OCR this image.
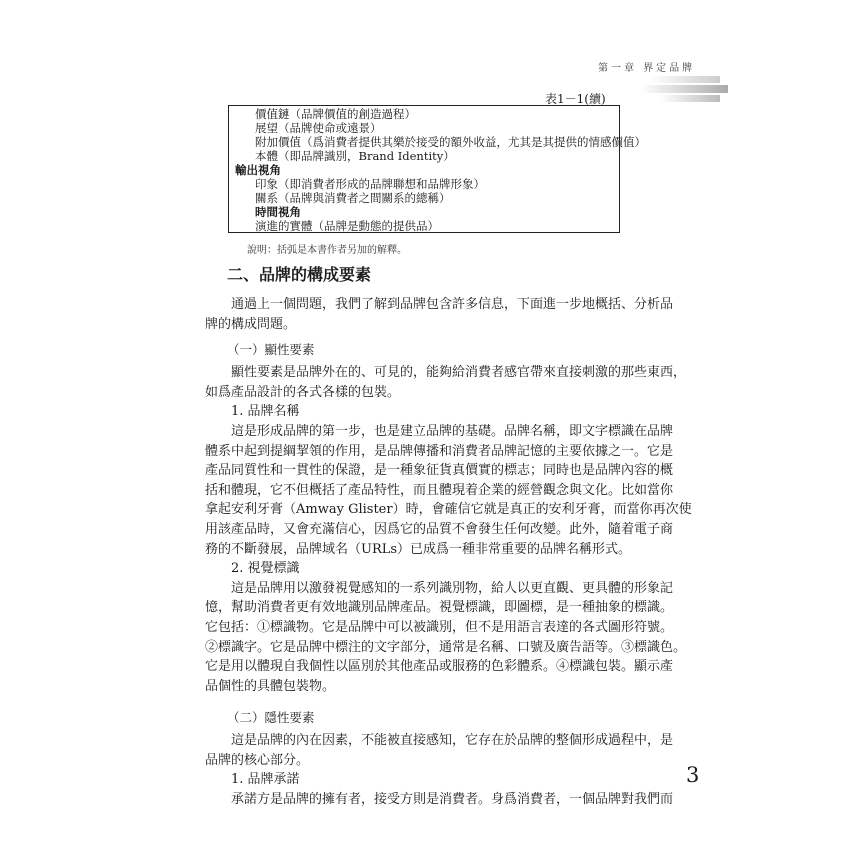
第一章 界定品牌
表1－1(續)
價值鏈（品牌價值的創造過程）
展望（品牌使命或遠景）
附加價值（爲消費者提供其樂於接受的額外收益，尤其是其提供的情感價值）
本體（即品牌識別，Brand Identity）
輸出視角
印象（即消費者形成的品牌聯想和品牌形象）
關系（品牌與消費者之間關系的總稱）
時間視角
演進的實體（品牌是動態的提供品）
說明：括弧是本書作者另加的解釋。
二、品牌的構成要素
通過上一個問題，我們了解到品牌包含許多信息，下面進一步地概括、分析品
牌的構成問題。
（一）顯性要素
顯性要素是品牌外在的、可見的，能夠給消費者感官帶來直接刺激的那些東西，
如爲產品設計的各式各樣的包裝。
1. 品牌名稱
這是形成品牌的第一步，也是建立品牌的基礎。品牌名稱，即文字標識在品牌
體系中起到提綱挈領的作用，是品牌傳播和消費者品牌記憶的主要依據之一。它是
產品同質性和一貫性的保證，是一種象征貨真價實的標志；同時也是品牌內容的概
括和體現，它不但概括了產品特性，而且體現着企業的經營觀念與文化。比如當你
拿起安利牙膏（Amway Glister）時，會確信它就是真正的安利牙膏，而當你再次使
用該產品時，又會充滿信心，因爲它的品質不會發生任何改變。此外，隨着電子商
務的不斷發展，品牌域名（URLs）已成爲一種非常重要的品牌名稱形式。
2. 視覺標識
這是品牌用以激發視覺感知的一系列識別物，給人以更直觀、更具體的形象記
憶，幫助消費者更有效地識別品牌產品。視覺標識，即圖標，是一種抽象的標識。
它包括：①標識物。它是品牌中可以被識別，但不是用語言表達的各式圖形符號。
②標識字。它是品牌中標注的文字部分，通常是名稱、口號及廣告語等。③標識色。
它是用以體現自我個性以區別於其他產品或服務的色彩體系。④標識包裝。顯示產
品個性的具體包裝物。
（二）隱性要素
這是品牌的內在因素，不能被直接感知，它存在於品牌的整個形成過程中，是
品牌的核心部分。
1. 品牌承諾
承諾方是品牌的擁有者，接受方則是消費者。身爲消費者，一個品牌對我們而
3
